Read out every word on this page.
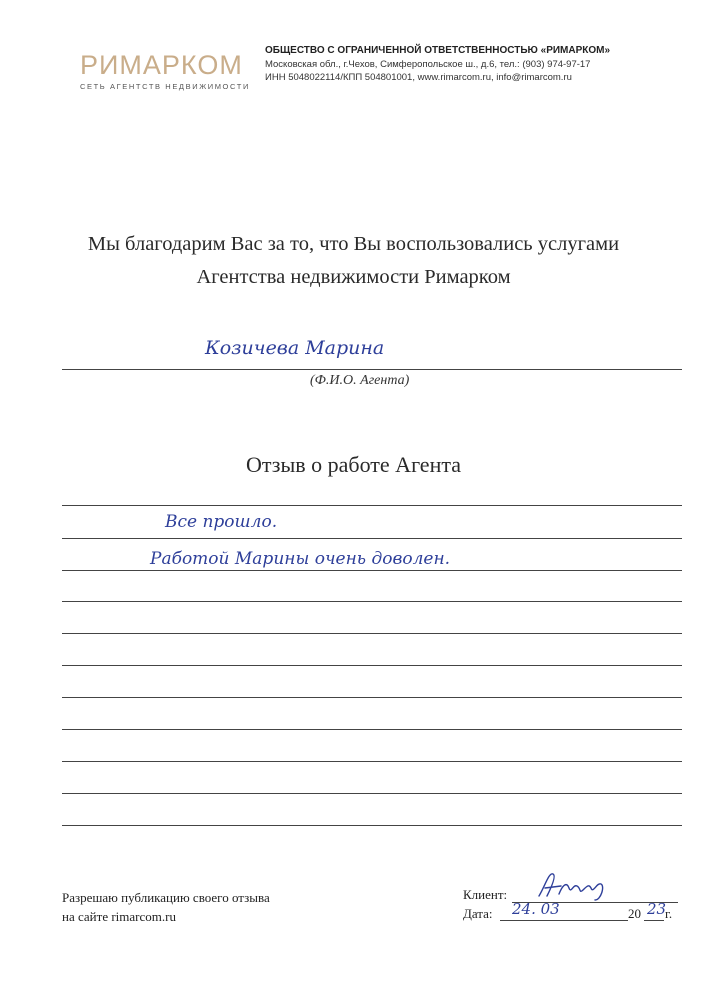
РИМАРКОМ
СЕТЬ АГЕНТСТВ НЕДВИЖИМОСТИ
ОБЩЕСТВО С ОГРАНИЧЕННОЙ ОТВЕТСТВЕННОСТЬЮ «РИМАРКОМ»
Московская обл., г.Чехов, Симферопольское ш., д.6, тел.: (903) 974-97-17
ИНН 5048022114/КПП 504801001, www.rimarcom.ru, info@rimarcom.ru
Мы благодарим Вас за то, что Вы воспользовались услугами
Агентства недвижимости Римарком
Козичева Марина
(Ф.И.О. Агента)
Отзыв о работе Агента
Все прошло.
Работой Марины очень доволен.
Разрешаю публикацию своего отзыва
на сайте rimarcom.ru
Клиент:
Дата: 24. 03	20 23
г.
